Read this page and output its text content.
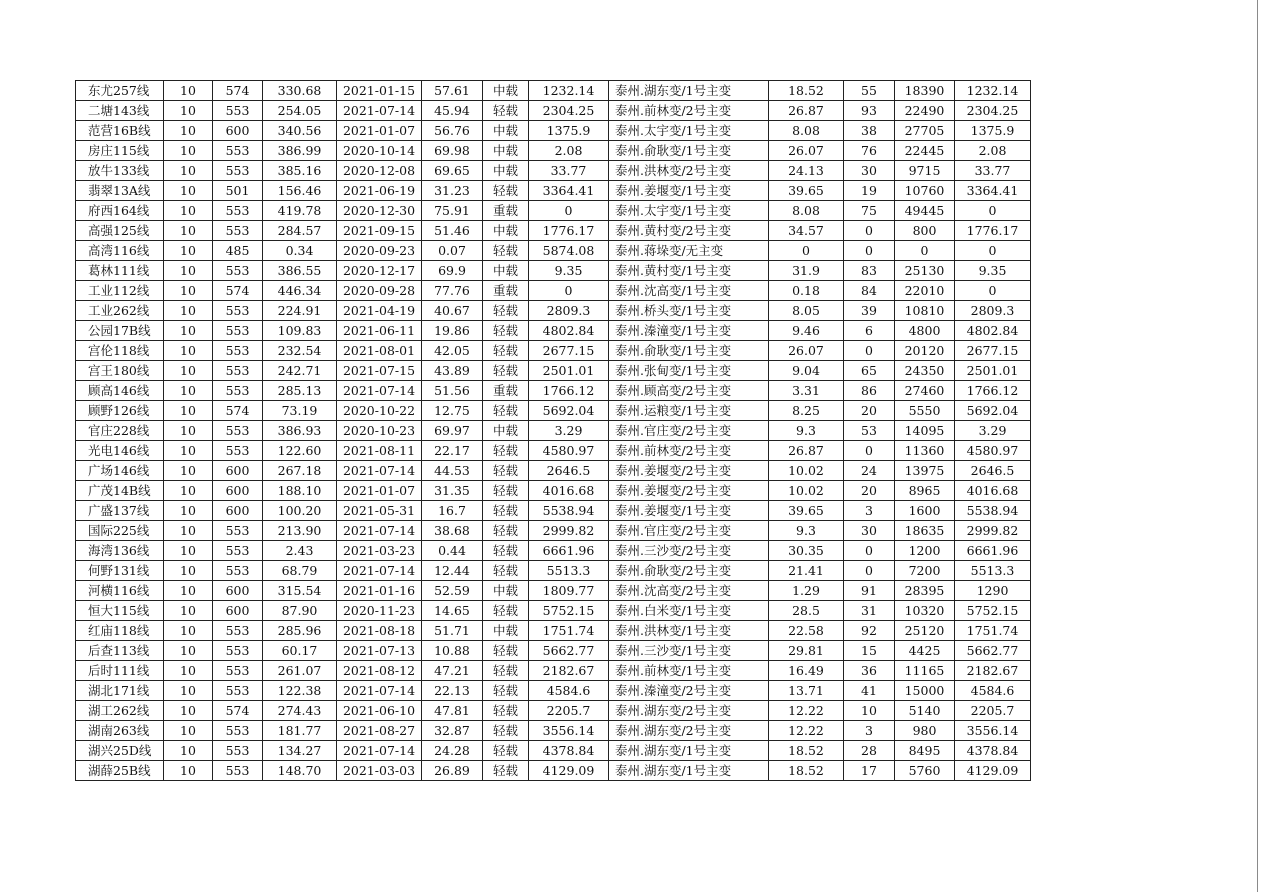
东尤257线	10	574	330.68	2021-01-15	57.61	中载	1232.14	泰州.湖东变/1号主变	18.52	55	18390	1232.14
二塘143线	10	553	254.05	2021-07-14	45.94	轻载	2304.25	泰州.前林变/2号主变	26.87	93	22490	2304.25
范营16B线	10	600	340.56	2021-01-07	56.76	中载	1375.9	泰州.太宇变/1号主变	8.08	38	27705	1375.9
房庄115线	10	553	386.99	2020-10-14	69.98	中载	2.08	泰州.俞耿变/1号主变	26.07	76	22445	2.08
放牛133线	10	553	385.16	2020-12-08	69.65	中载	33.77	泰州.洪林变/2号主变	24.13	30	9715	33.77
翡翠13A线	10	501	156.46	2021-06-19	31.23	轻载	3364.41	泰州.姜堰变/1号主变	39.65	19	10760	3364.41
府西164线	10	553	419.78	2020-12-30	75.91	重载	0	泰州.太宇变/1号主变	8.08	75	49445	0
高强125线	10	553	284.57	2021-09-15	51.46	中载	1776.17	泰州.黄村变/2号主变	34.57	0	800	1776.17
高湾116线	10	485	0.34	2020-09-23	0.07	轻载	5874.08	泰州.蒋垛变/无主变	0	0	0	0
葛林111线	10	553	386.55	2020-12-17	69.9	中载	9.35	泰州.黄村变/1号主变	31.9	83	25130	9.35
工业112线	10	574	446.34	2020-09-28	77.76	重载	0	泰州.沈高变/1号主变	0.18	84	22010	0
工业262线	10	553	224.91	2021-04-19	40.67	轻载	2809.3	泰州.桥头变/1号主变	8.05	39	10810	2809.3
公园17B线	10	553	109.83	2021-06-11	19.86	轻载	4802.84	泰州.溱潼变/1号主变	9.46	6	4800	4802.84
宫伦118线	10	553	232.54	2021-08-01	42.05	轻载	2677.15	泰州.俞耿变/1号主变	26.07	0	20120	2677.15
宫王180线	10	553	242.71	2021-07-15	43.89	轻载	2501.01	泰州.张甸变/1号主变	9.04	65	24350	2501.01
顾高146线	10	553	285.13	2021-07-14	51.56	重载	1766.12	泰州.顾高变/2号主变	3.31	86	27460	1766.12
顾野126线	10	574	73.19	2020-10-22	12.75	轻载	5692.04	泰州.运粮变/1号主变	8.25	20	5550	5692.04
官庄228线	10	553	386.93	2020-10-23	69.97	中载	3.29	泰州.官庄变/2号主变	9.3	53	14095	3.29
光电146线	10	553	122.60	2021-08-11	22.17	轻载	4580.97	泰州.前林变/2号主变	26.87	0	11360	4580.97
广场146线	10	600	267.18	2021-07-14	44.53	轻载	2646.5	泰州.姜堰变/2号主变	10.02	24	13975	2646.5
广茂14B线	10	600	188.10	2021-01-07	31.35	轻载	4016.68	泰州.姜堰变/2号主变	10.02	20	8965	4016.68
广盛137线	10	600	100.20	2021-05-31	16.7	轻载	5538.94	泰州.姜堰变/1号主变	39.65	3	1600	5538.94
国际225线	10	553	213.90	2021-07-14	38.68	轻载	2999.82	泰州.官庄变/2号主变	9.3	30	18635	2999.82
海湾136线	10	553	2.43	2021-03-23	0.44	轻载	6661.96	泰州.三沙变/2号主变	30.35	0	1200	6661.96
何野131线	10	553	68.79	2021-07-14	12.44	轻载	5513.3	泰州.俞耿变/2号主变	21.41	0	7200	5513.3
河横116线	10	600	315.54	2021-01-16	52.59	中载	1809.77	泰州.沈高变/2号主变	1.29	91	28395	1290
恒大115线	10	600	87.90	2020-11-23	14.65	轻载	5752.15	泰州.白米变/1号主变	28.5	31	10320	5752.15
红庙118线	10	553	285.96	2021-08-18	51.71	中载	1751.74	泰州.洪林变/1号主变	22.58	92	25120	1751.74
后查113线	10	553	60.17	2021-07-13	10.88	轻载	5662.77	泰州.三沙变/1号主变	29.81	15	4425	5662.77
后时111线	10	553	261.07	2021-08-12	47.21	轻载	2182.67	泰州.前林变/1号主变	16.49	36	11165	2182.67
湖北171线	10	553	122.38	2021-07-14	22.13	轻载	4584.6	泰州.溱潼变/2号主变	13.71	41	15000	4584.6
湖工262线	10	574	274.43	2021-06-10	47.81	轻载	2205.7	泰州.湖东变/2号主变	12.22	10	5140	2205.7
湖南263线	10	553	181.77	2021-08-27	32.87	轻载	3556.14	泰州.湖东变/2号主变	12.22	3	980	3556.14
湖兴25D线	10	553	134.27	2021-07-14	24.28	轻载	4378.84	泰州.湖东变/1号主变	18.52	28	8495	4378.84
湖薛25B线	10	553	148.70	2021-03-03	26.89	轻载	4129.09	泰州.湖东变/1号主变	18.52	17	5760	4129.09
